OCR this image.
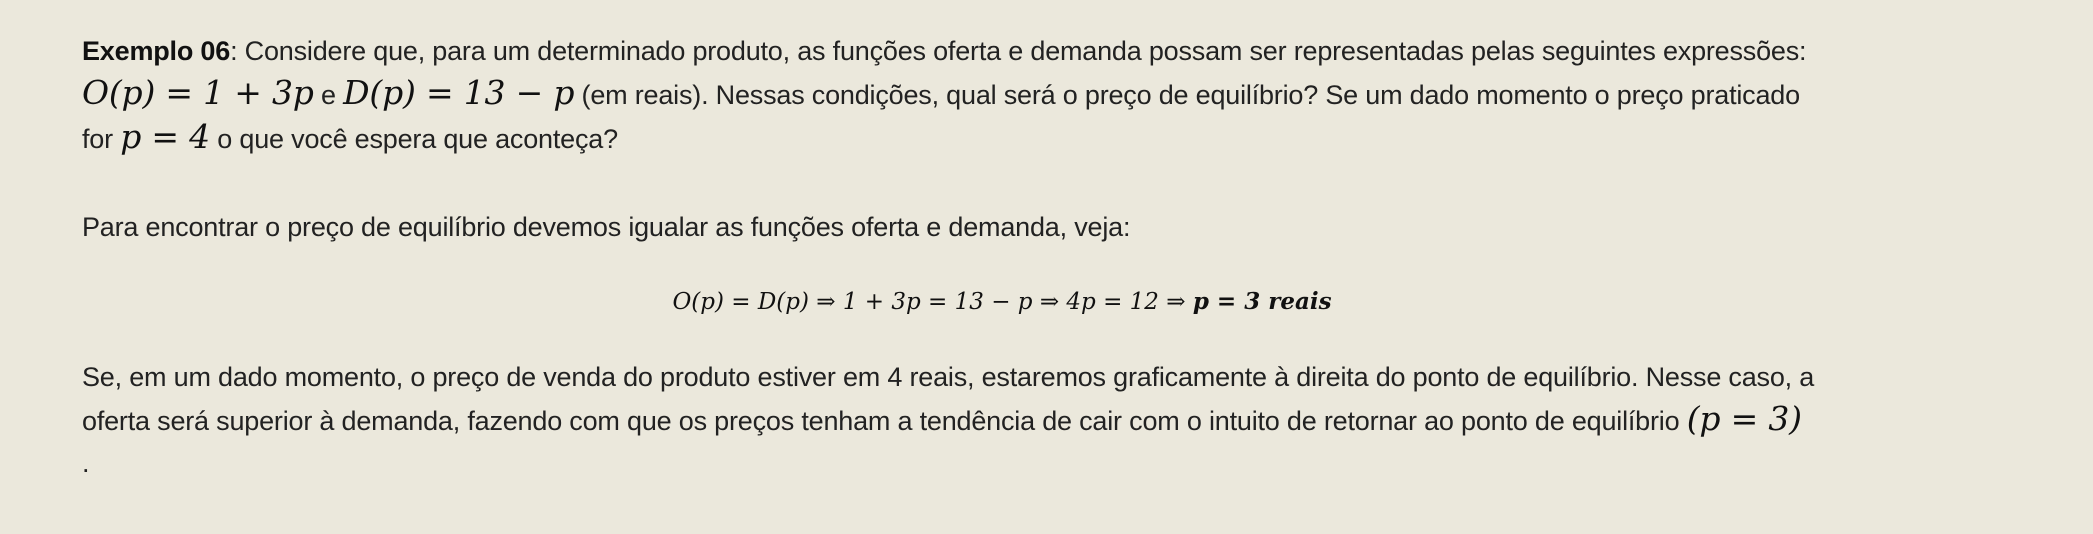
Exemplo 06: Considere que, para um determinado produto, as funções oferta e demanda possam ser representadas pelas seguintes expressões:
O(p) = 1 + 3p e D(p) = 13 − p (em reais). Nessas condições, qual será o preço de equilíbrio? Se um dado momento o preço praticado
for p = 4 o que você espera que aconteça?

Para encontrar o preço de equilíbrio devemos igualar as funções oferta e demanda, veja:

O(p) = D(p) ⇒ 1 + 3p = 13 − p ⇒ 4p = 12 ⇒ p = 3 reais

Se, em um dado momento, o preço de venda do produto estiver em 4 reais, estaremos graficamente à direita do ponto de equilíbrio. Nesse caso, a oferta será superior à demanda, fazendo com que os preços tenham a tendência de cair com o intuito de retornar ao ponto de equilíbrio (p = 3)

.
